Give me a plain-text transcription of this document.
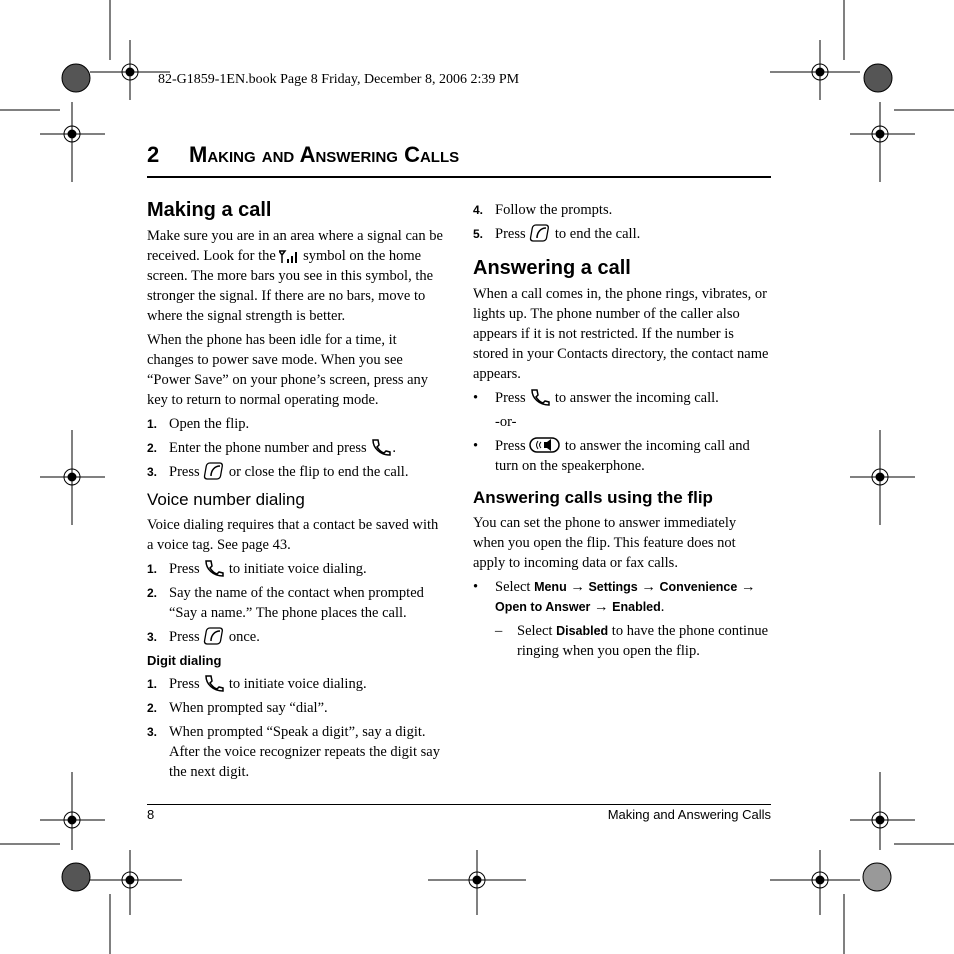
82-G1859-1EN.book Page 8 Friday, December 8, 2006 2:39 PM
2 Making and Answering Calls
Making a call

Make sure you are in an area where a signal can be received. Look for the  symbol on the home screen. The more bars you see in this symbol, the stronger the signal. If there are no bars, move to where the signal strength is better.

When the phone has been idle for a time, it changes to power save mode. When you see “Power Save” on your phone’s screen, press any key to return to normal operating mode.

1. Open the flip.
2. Enter the phone number and press .
3. Press  or close the flip to end the call.
Voice number dialing

Voice dialing requires that a contact be saved with a voice tag. See page 43.

1. Press  to initiate voice dialing.
2. Say the name of the contact when prompted “Say a name.” The phone places the call.
3. Press  once.
Digit dialing
1. Press  to initiate voice dialing.
2. When prompted say “dial”.
3. When prompted “Speak a digit”, say a digit. After the voice recognizer repeats the digit say the next digit.
4. Follow the prompts.
5. Press  to end the call.
Answering a call

When a call comes in, the phone rings, vibrates, or lights up. The phone number of the caller also appears if it is not restricted. If the number is stored in your Contacts directory, the contact name appears.

• Press  to answer the incoming call.
-or-
• Press  to answer the incoming call and turn on the speakerphone.
Answering calls using the flip

You can set the phone to answer immediately when you open the flip. This feature does not apply to incoming data or fax calls.

• Select Menu → Settings → Convenience → Open to Answer → Enabled.
– Select Disabled to have the phone continue ringing when you open the flip.
8	Making and Answering Calls
